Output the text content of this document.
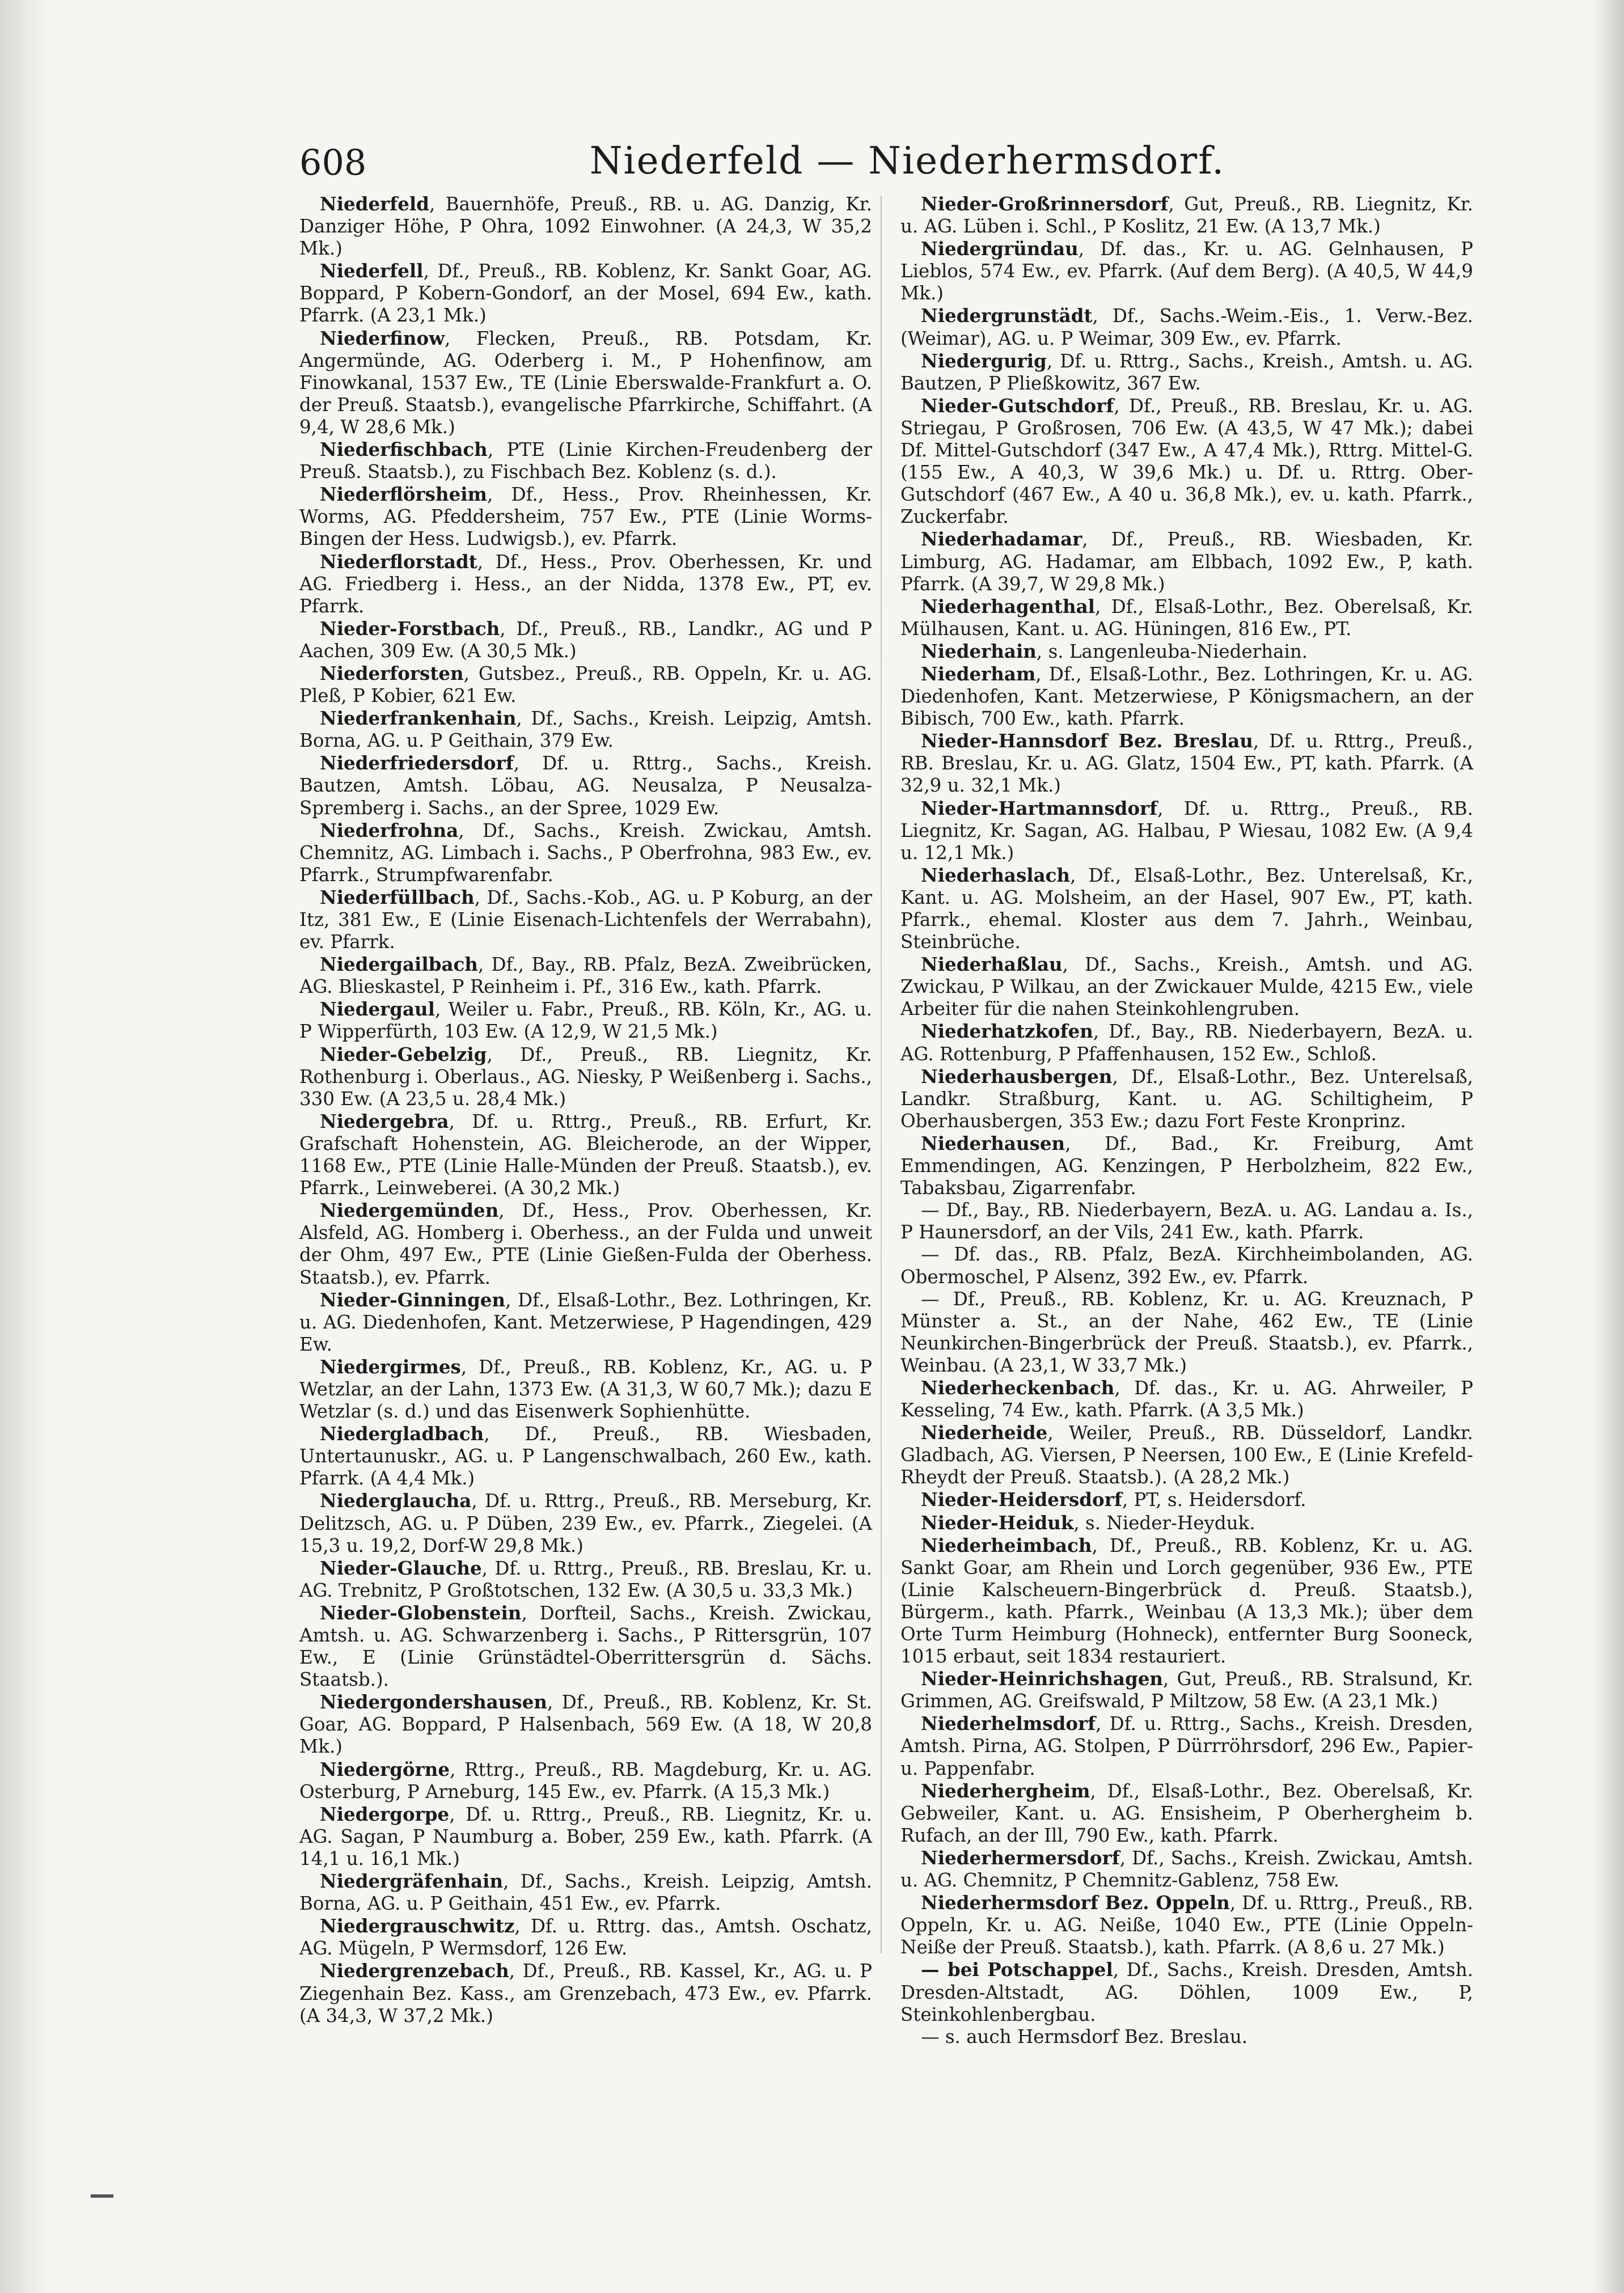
608	Niederfeld — Niederhermsdorf.

Niederfeld, Bauernhöfe, Preuß., RB. u. AG. Danzig, Kr. Danziger Höhe, P Ohra, 1092 Einwohner. (A 24,3, W 35,2 Mk.)

Niederfell, Df., Preuß., RB. Koblenz, Kr. Sankt Goar, AG. Boppard, P Kobern-Gondorf, an der Mosel, 694 Ew., kath. Pfarrk. (A 23,1 Mk.)

Niederfinow, Flecken, Preuß., RB. Potsdam, Kr. Angermünde, AG. Oderberg i. M., P Hohenfinow, am Finowkanal, 1537 Ew., TE (Linie Eberswalde-Frankfurt a. O. der Preuß. Staatsb.), evangelische Pfarrkirche, Schiffahrt. (A 9,4, W 28,6 Mk.)

Niederfischbach, PTE (Linie Kirchen-Freudenberg der Preuß. Staatsb.), zu Fischbach Bez. Koblenz (s. d.).

Niederflörsheim, Df., Hess., Prov. Rheinhessen, Kr. Worms, AG. Pfeddersheim, 757 Ew., PTE (Linie Worms-Bingen der Hess. Ludwigsb.), ev. Pfarrk.

Niederflorstadt, Df., Hess., Prov. Oberhessen, Kr. und AG. Friedberg i. Hess., an der Nidda, 1378 Ew., PT, ev. Pfarrk.

Nieder-Forstbach, Df., Preuß., RB., Landkr., AG und P Aachen, 309 Ew. (A 30,5 Mk.)

Niederforsten, Gutsbez., Preuß., RB. Oppeln, Kr. u. AG. Pleß, P Kobier, 621 Ew.

Niederfrankenhain, Df., Sachs., Kreish. Leipzig, Amtsh. Borna, AG. u. P Geithain, 379 Ew.

Niederfriedersdorf, Df. u. Rttrg., Sachs., Kreish. Bautzen, Amtsh. Löbau, AG. Neusalza, P Neusalza-Spremberg i. Sachs., an der Spree, 1029 Ew.

Niederfrohna, Df., Sachs., Kreish. Zwickau, Amtsh. Chemnitz, AG. Limbach i. Sachs., P Oberfrohna, 983 Ew., ev. Pfarrk., Strumpfwarenfabr.

Niederfüllbach, Df., Sachs.-Kob., AG. u. P Koburg, an der Itz, 381 Ew., E (Linie Eisenach-Lichtenfels der Werrabahn), ev. Pfarrk.

Niedergailbach, Df., Bay., RB. Pfalz, BezA. Zweibrücken, AG. Blieskastel, P Reinheim i. Pf., 316 Ew., kath. Pfarrk.

Niedergaul, Weiler u. Fabr., Preuß., RB. Köln, Kr., AG. u. P Wipperfürth, 103 Ew. (A 12,9, W 21,5 Mk.)

Nieder-Gebelzig, Df., Preuß., RB. Liegnitz, Kr. Rothenburg i. Oberlaus., AG. Niesky, P Weißenberg i. Sachs., 330 Ew. (A 23,5 u. 28,4 Mk.)

Niedergebra, Df. u. Rttrg., Preuß., RB. Erfurt, Kr. Grafschaft Hohenstein, AG. Bleicherode, an der Wipper, 1168 Ew., PTE (Linie Halle-Münden der Preuß. Staatsb.), ev. Pfarrk., Leinweberei. (A 30,2 Mk.)

Niedergemünden, Df., Hess., Prov. Oberhessen, Kr. Alsfeld, AG. Homberg i. Oberhess., an der Fulda und unweit der Ohm, 497 Ew., PTE (Linie Gießen-Fulda der Oberhess. Staatsb.), ev. Pfarrk.

Nieder-Ginningen, Df., Elsaß-Lothr., Bez. Lothringen, Kr. u. AG. Diedenhofen, Kant. Metzerwiese, P Hagendingen, 429 Ew.

Niedergirmes, Df., Preuß., RB. Koblenz, Kr., AG. u. P Wetzlar, an der Lahn, 1373 Ew. (A 31,3, W 60,7 Mk.); dazu E Wetzlar (s. d.) und das Eisenwerk Sophienhütte.

Niedergladbach, Df., Preuß., RB. Wiesbaden, Untertaunuskr., AG. u. P Langenschwalbach, 260 Ew., kath. Pfarrk. (A 4,4 Mk.)

Niederglaucha, Df. u. Rttrg., Preuß., RB. Merseburg, Kr. Delitzsch, AG. u. P Düben, 239 Ew., ev. Pfarrk., Ziegelei. (A 15,3 u. 19,2, Dorf-W 29,8 Mk.)

Nieder-Glauche, Df. u. Rttrg., Preuß., RB. Breslau, Kr. u. AG. Trebnitz, P Großtotschen, 132 Ew. (A 30,5 u. 33,3 Mk.)

Nieder-Globenstein, Dorfteil, Sachs., Kreish. Zwickau, Amtsh. u. AG. Schwarzenberg i. Sachs., P Rittersgrün, 107 Ew., E (Linie Grünstädtel-Oberrittersgrün d. Sächs. Staatsb.).

Niedergondershausen, Df., Preuß., RB. Koblenz, Kr. St. Goar, AG. Boppard, P Halsenbach, 569 Ew. (A 18, W 20,8 Mk.)

Niedergörne, Rttrg., Preuß., RB. Magdeburg, Kr. u. AG. Osterburg, P Arneburg, 145 Ew., ev. Pfarrk. (A 15,3 Mk.)

Niedergorpe, Df. u. Rttrg., Preuß., RB. Liegnitz, Kr. u. AG. Sagan, P Naumburg a. Bober, 259 Ew., kath. Pfarrk. (A 14,1 u. 16,1 Mk.)

Niedergräfenhain, Df., Sachs., Kreish. Leipzig, Amtsh. Borna, AG. u. P Geithain, 451 Ew., ev. Pfarrk.

Niedergrauschwitz, Df. u. Rttrg. das., Amtsh. Oschatz, AG. Mügeln, P Wermsdorf, 126 Ew.

Niedergrenzebach, Df., Preuß., RB. Kassel, Kr., AG. u. P Ziegenhain Bez. Kass., am Grenzebach, 473 Ew., ev. Pfarrk. (A 34,3, W 37,2 Mk.)

Nieder-Großrinnersdorf, Gut, Preuß., RB. Liegnitz, Kr. u. AG. Lüben i. Schl., P Koslitz, 21 Ew. (A 13,7 Mk.)

Niedergründau, Df. das., Kr. u. AG. Gelnhausen, P Lieblos, 574 Ew., ev. Pfarrk. (Auf dem Berg). (A 40,5, W 44,9 Mk.)

Niedergrunstädt, Df., Sachs.-Weim.-Eis., 1. Verw.-Bez. (Weimar), AG. u. P Weimar, 309 Ew., ev. Pfarrk.

Niedergurig, Df. u. Rttrg., Sachs., Kreish., Amtsh. u. AG. Bautzen, P Pließkowitz, 367 Ew.

Nieder-Gutschdorf, Df., Preuß., RB. Breslau, Kr. u. AG. Striegau, P Großrosen, 706 Ew. (A 43,5, W 47 Mk.); dabei Df. Mittel-Gutschdorf (347 Ew., A 47,4 Mk.), Rttrg. Mittel-G. (155 Ew., A 40,3, W 39,6 Mk.) u. Df. u. Rttrg. Ober-Gutschdorf (467 Ew., A 40 u. 36,8 Mk.), ev. u. kath. Pfarrk., Zuckerfabr.

Niederhadamar, Df., Preuß., RB. Wiesbaden, Kr. Limburg, AG. Hadamar, am Elbbach, 1092 Ew., P, kath. Pfarrk. (A 39,7, W 29,8 Mk.)

Niederhagenthal, Df., Elsaß-Lothr., Bez. Oberelsaß, Kr. Mülhausen, Kant. u. AG. Hüningen, 816 Ew., PT.

Niederhain, s. Langenleuba-Niederhain.

Niederham, Df., Elsaß-Lothr., Bez. Lothringen, Kr. u. AG. Diedenhofen, Kant. Metzerwiese, P Königsmachern, an der Bibisch, 700 Ew., kath. Pfarrk.

Nieder-Hannsdorf Bez. Breslau, Df. u. Rttrg., Preuß., RB. Breslau, Kr. u. AG. Glatz, 1504 Ew., PT, kath. Pfarrk. (A 32,9 u. 32,1 Mk.)

Nieder-Hartmannsdorf, Df. u. Rttrg., Preuß., RB. Liegnitz, Kr. Sagan, AG. Halbau, P Wiesau, 1082 Ew. (A 9,4 u. 12,1 Mk.)

Niederhaslach, Df., Elsaß-Lothr., Bez. Unterelsaß, Kr., Kant. u. AG. Molsheim, an der Hasel, 907 Ew., PT, kath. Pfarrk., ehemal. Kloster aus dem 7. Jahrh., Weinbau, Steinbrüche.

Niederhaßlau, Df., Sachs., Kreish., Amtsh. und AG. Zwickau, P Wilkau, an der Zwickauer Mulde, 4215 Ew., viele Arbeiter für die nahen Steinkohlengruben.

Niederhatzkofen, Df., Bay., RB. Niederbayern, BezA. u. AG. Rottenburg, P Pfaffenhausen, 152 Ew., Schloß.

Niederhausbergen, Df., Elsaß-Lothr., Bez. Unterelsaß, Landkr. Straßburg, Kant. u. AG. Schiltigheim, P Oberhausbergen, 353 Ew.; dazu Fort Feste Kronprinz.

Niederhausen, Df., Bad., Kr. Freiburg, Amt Emmendingen, AG. Kenzingen, P Herbolzheim, 822 Ew., Tabaksbau, Zigarrenfabr.

— Df., Bay., RB. Niederbayern, BezA. u. AG. Landau a. Is., P Haunersdorf, an der Vils, 241 Ew., kath. Pfarrk.

— Df. das., RB. Pfalz, BezA. Kirchheimbolanden, AG. Obermoschel, P Alsenz, 392 Ew., ev. Pfarrk.

— Df., Preuß., RB. Koblenz, Kr. u. AG. Kreuznach, P Münster a. St., an der Nahe, 462 Ew., TE (Linie Neunkirchen-Bingerbrück der Preuß. Staatsb.), ev. Pfarrk., Weinbau. (A 23,1, W 33,7 Mk.)

Niederheckenbach, Df. das., Kr. u. AG. Ahrweiler, P Kesseling, 74 Ew., kath. Pfarrk. (A 3,5 Mk.)

Niederheide, Weiler, Preuß., RB. Düsseldorf, Landkr. Gladbach, AG. Viersen, P Neersen, 100 Ew., E (Linie Krefeld-Rheydt der Preuß. Staatsb.). (A 28,2 Mk.)

Nieder-Heidersdorf, PT, s. Heidersdorf.

Nieder-Heiduk, s. Nieder-Heyduk.

Niederheimbach, Df., Preuß., RB. Koblenz, Kr. u. AG. Sankt Goar, am Rhein und Lorch gegenüber, 936 Ew., PTE (Linie Kalscheuern-Bingerbrück d. Preuß. Staatsb.), Bürgerm., kath. Pfarrk., Weinbau (A 13,3 Mk.); über dem Orte Turm Heimburg (Hohneck), entfernter Burg Sooneck, 1015 erbaut, seit 1834 restauriert.

Nieder-Heinrichshagen, Gut, Preuß., RB. Stralsund, Kr. Grimmen, AG. Greifswald, P Miltzow, 58 Ew. (A 23,1 Mk.)

Niederhelmsdorf, Df. u. Rttrg., Sachs., Kreish. Dresden, Amtsh. Pirna, AG. Stolpen, P Dürrröhrsdorf, 296 Ew., Papier- u. Pappenfabr.

Niederhergheim, Df., Elsaß-Lothr., Bez. Oberelsaß, Kr. Gebweiler, Kant. u. AG. Ensisheim, P Oberhergheim b. Rufach, an der Ill, 790 Ew., kath. Pfarrk.

Niederhermersdorf, Df., Sachs., Kreish. Zwickau, Amtsh. u. AG. Chemnitz, P Chemnitz-Gablenz, 758 Ew.

Niederhermsdorf Bez. Oppeln, Df. u. Rttrg., Preuß., RB. Oppeln, Kr. u. AG. Neiße, 1040 Ew., PTE (Linie Oppeln-Neiße der Preuß. Staatsb.), kath. Pfarrk. (A 8,6 u. 27 Mk.)

— bei Potschappel, Df., Sachs., Kreish. Dresden, Amtsh. Dresden-Altstadt, AG. Döhlen, 1009 Ew., P, Steinkohlenbergbau.

— s. auch Hermsdorf Bez. Breslau.
